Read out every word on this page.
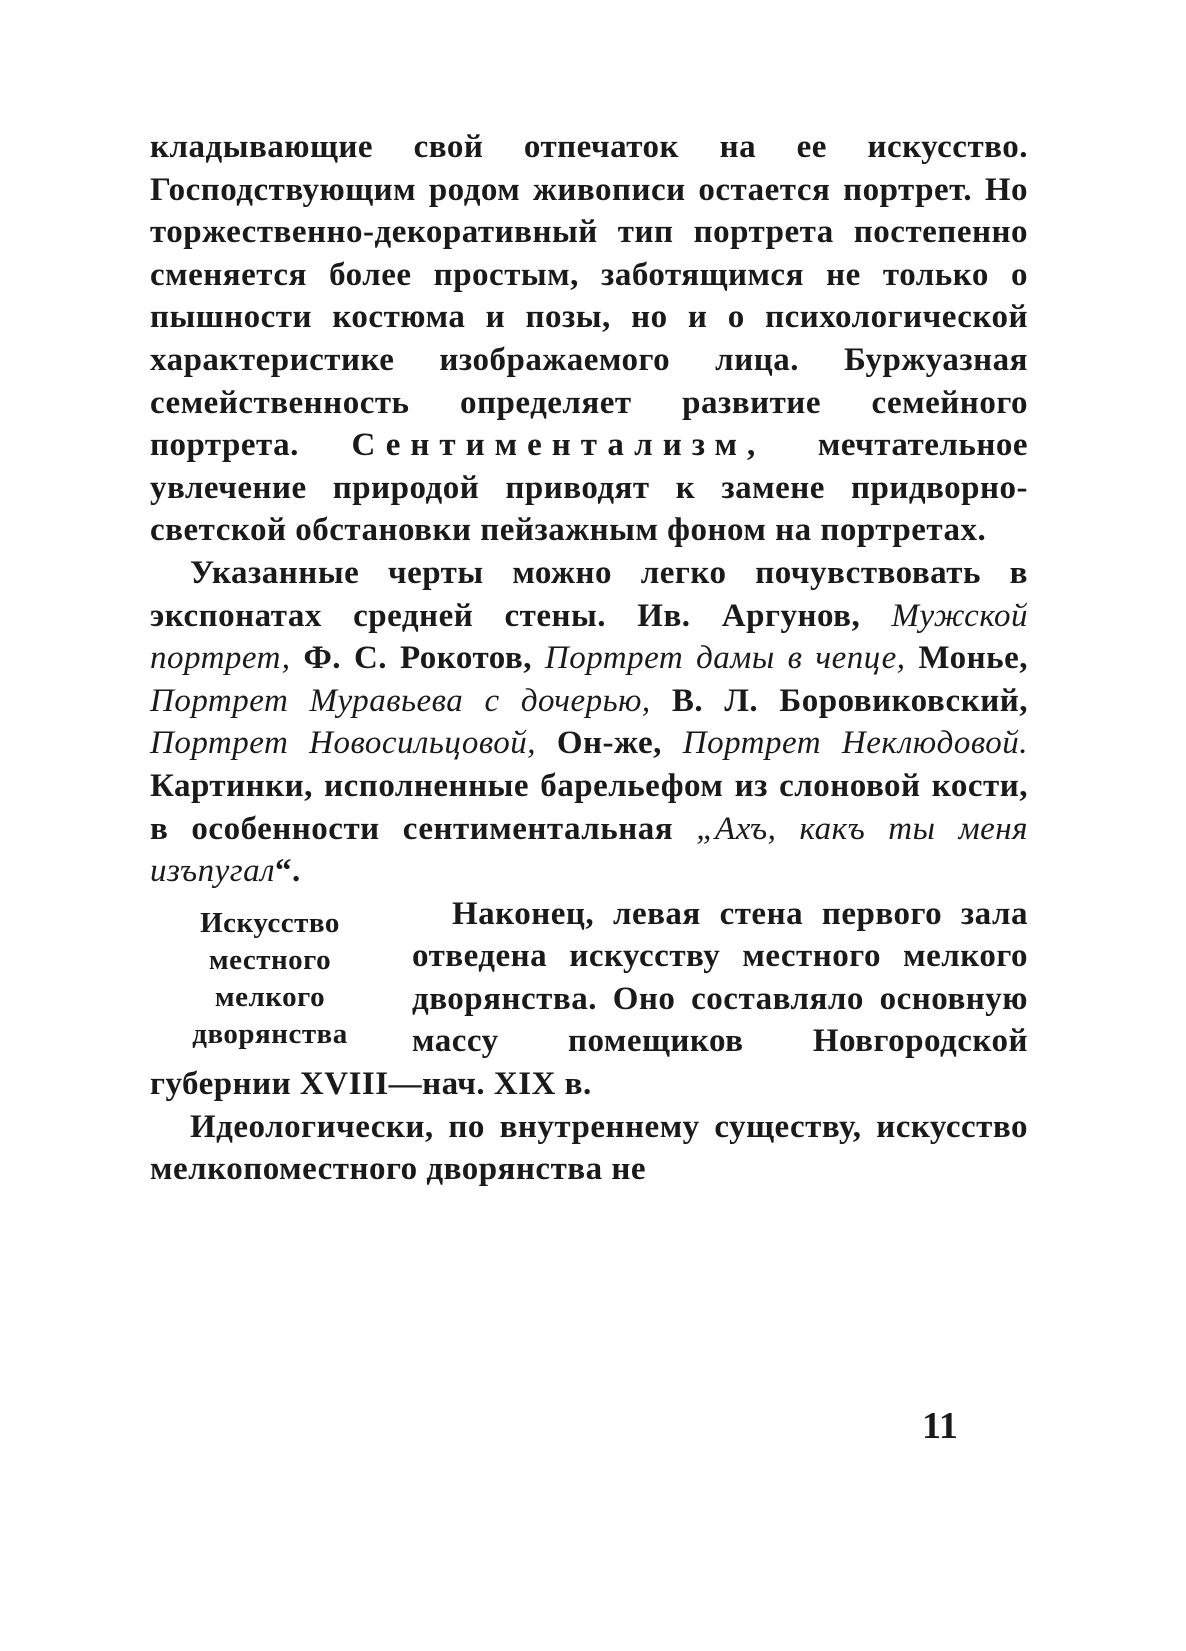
кладывающие свой отпечаток на ее искусство. Господствующим родом живописи остается портрет. Но торжественно-декоративный тип портрета постепенно сменяется более простым, заботящимся не только о пышности костюма и позы, но и о психологической характеристике изображаемого лица. Буржуазная семейственность определяет развитие семейного портрета. Сентиментализм, мечтательное увлечение природой приводят к замене придворно-светской обстановки пейзажным фоном на портретах.

Указанные черты можно легко почувствовать в экспонатах средней стены. Ив. Аргунов, Мужской портрет, Ф. С. Рокотов, Портрет дамы в чепце, Монье, Портрет Муравьева с дочерью, В. Л. Боровиковский, Портрет Новосильцовой, Он-же, Портрет Неклюдовой. Картинки, исполненные барельефом из слоновой кости, в особенности сентиментальная „Ахъ, какъ ты меня изъпугал“.

Искусство
местного
мелкого
дворянства

Наконец, левая стена первого зала отведена искусству местного мелкого дворянства. Оно составляло основную массу помещиков Новгородской губернии XVIII—нач. XIX в.

Идеологически, по внутреннему существу, искусство мелкопоместного дворянства не

11
